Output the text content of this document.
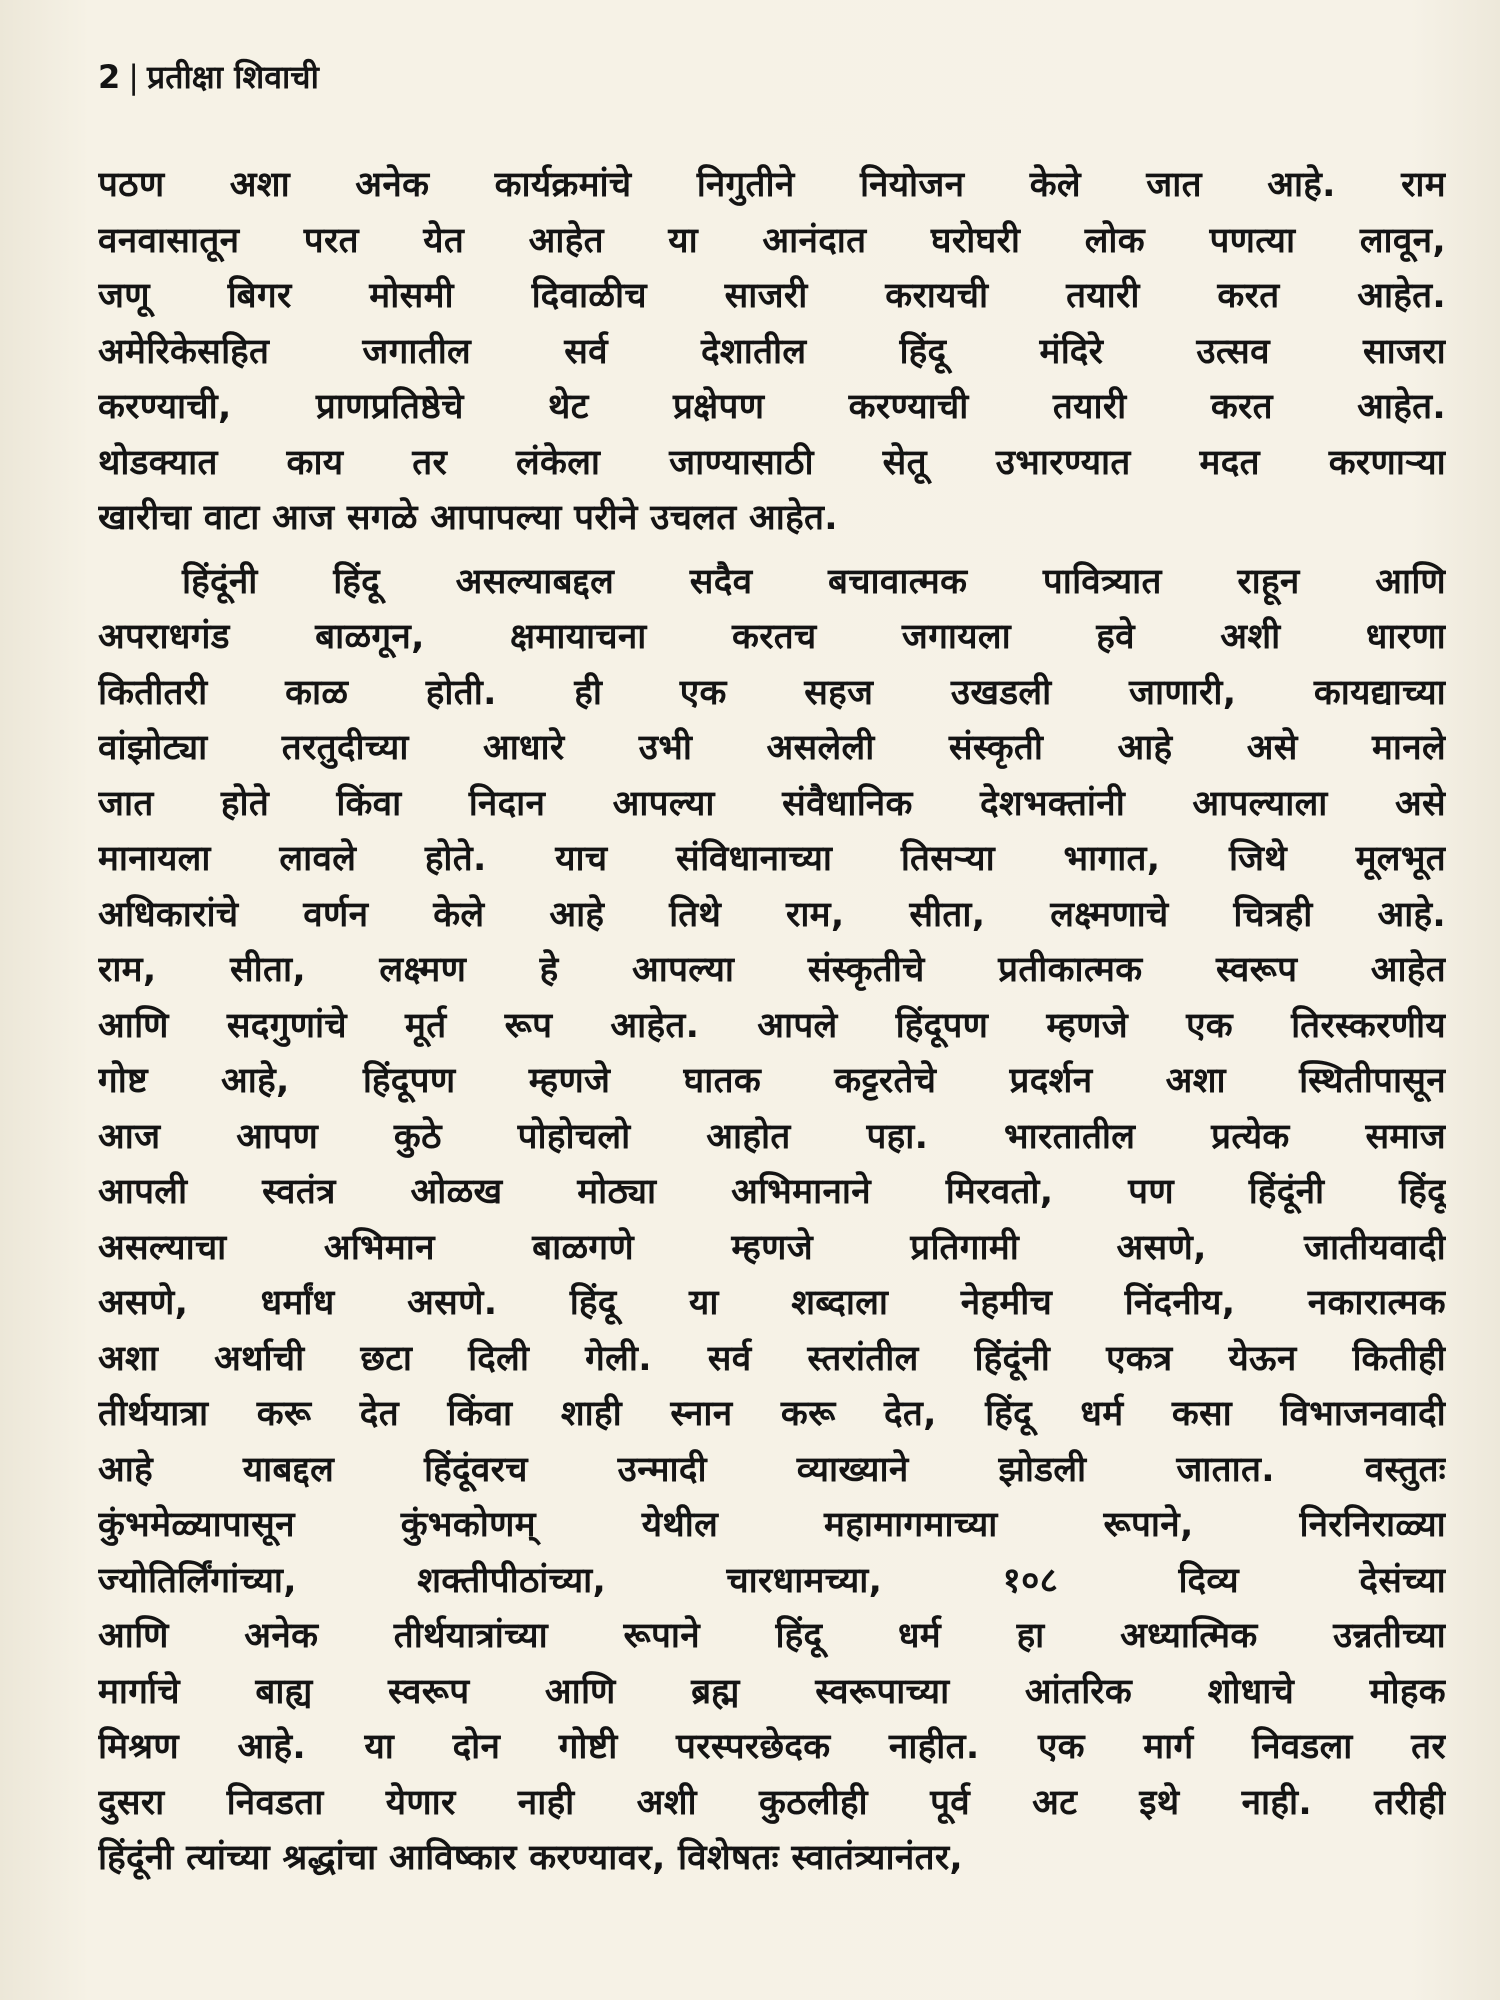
2 | प्रतीक्षा शिवाची
पठण अशा अनेक कार्यक्रमांचे निगुतीने नियोजन केले जात आहे. राम
वनवासातून परत येत आहेत या आनंदात घरोघरी लोक पणत्या लावून,
जणू बिगर मोसमी दिवाळीच साजरी करायची तयारी करत आहेत.
अमेरिकेसहित जगातील सर्व देशातील हिंदू मंदिरे उत्सव साजरा
करण्याची, प्राणप्रतिष्ठेचे थेट प्रक्षेपण करण्याची तयारी करत आहेत.
थोडक्यात काय तर लंकेला जाण्यासाठी सेतू उभारण्यात मदत करणाऱ्या
खारीचा वाटा आज सगळे आपापल्या परीने उचलत आहेत.
हिंदूंनी हिंदू असल्याबद्दल सदैव बचावात्मक पावित्र्यात राहून आणि
अपराधगंड बाळगून, क्षमायाचना करतच जगायला हवे अशी धारणा
कितीतरी काळ होती. ही एक सहज उखडली जाणारी, कायद्याच्या
वांझोट्या तरतुदीच्या आधारे उभी असलेली संस्कृती आहे असे मानले
जात होते किंवा निदान आपल्या संवैधानिक देशभक्तांनी आपल्याला असे
मानायला लावले होते. याच संविधानाच्या तिसऱ्या भागात, जिथे मूलभूत
अधिकारांचे वर्णन केले आहे तिथे राम, सीता, लक्ष्मणाचे चित्रही आहे.
राम, सीता, लक्ष्मण हे आपल्या संस्कृतीचे प्रतीकात्मक स्वरूप आहेत
आणि सदगुणांचे मूर्त रूप आहेत. आपले हिंदूपण म्हणजे एक तिरस्करणीय
गोष्ट आहे, हिंदूपण म्हणजे घातक कट्टरतेचे प्रदर्शन अशा स्थितीपासून
आज आपण कुठे पोहोचलो आहोत पहा. भारतातील प्रत्येक समाज
आपली स्वतंत्र ओळख मोठ्या अभिमानाने मिरवतो, पण हिंदूंनी हिंदू
असल्याचा अभिमान बाळगणे म्हणजे प्रतिगामी असणे, जातीयवादी
असणे, धर्मांध असणे. हिंदू या शब्दाला नेहमीच निंदनीय, नकारात्मक
अशा अर्थाची छटा दिली गेली. सर्व स्तरांतील हिंदूंनी एकत्र येऊन कितीही
तीर्थयात्रा करू देत किंवा शाही स्नान करू देत, हिंदू धर्म कसा विभाजनवादी
आहे याबद्दल हिंदूंवरच उन्मादी व्याख्याने झोडली जातात. वस्तुतः
कुंभमेळ्यापासून कुंभकोणम् येथील महामागमाच्या रूपाने, निरनिराळ्या
ज्योतिर्लिंगांच्या, शक्तीपीठांच्या, चारधामच्या, १०८ दिव्य देसंच्या
आणि अनेक तीर्थयात्रांच्या रूपाने हिंदू धर्म हा अध्यात्मिक उन्नतीच्या
मार्गाचे बाह्य स्वरूप आणि ब्रह्म स्वरूपाच्या आंतरिक शोधाचे मोहक
मिश्रण आहे. या दोन गोष्टी परस्परछेदक नाहीत. एक मार्ग निवडला तर
दुसरा निवडता येणार नाही अशी कुठलीही पूर्व अट इथे नाही. तरीही
हिंदूंनी त्यांच्या श्रद्धांचा आविष्कार करण्यावर, विशेषतः स्वातंत्र्यानंतर,
